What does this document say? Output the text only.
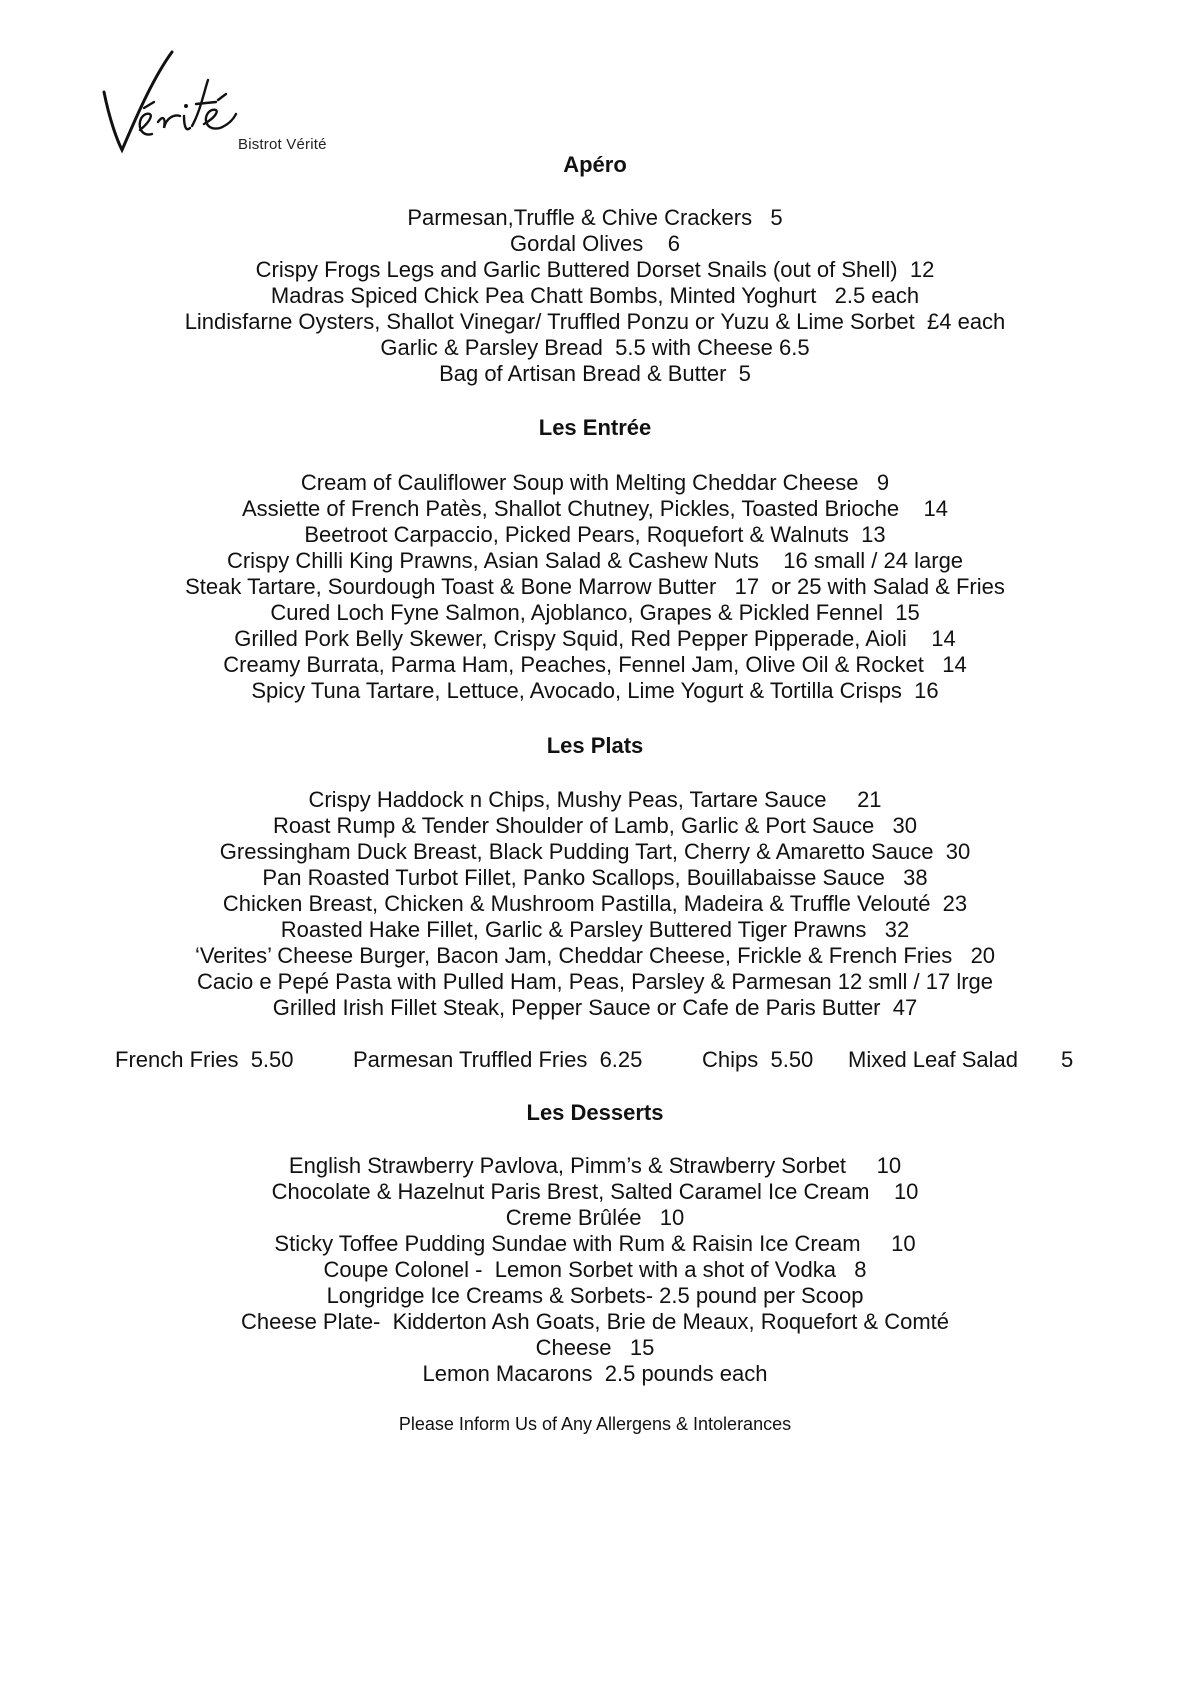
Bistrot Vérité
Apéro
Parmesan,Truffle & Chive Crackers   5
Gordal Olives    6
Crispy Frogs Legs and Garlic Buttered Dorset Snails (out of Shell)  12
Madras Spiced Chick Pea Chatt Bombs, Minted Yoghurt   2.5 each
Lindisfarne Oysters, Shallot Vinegar/ Truffled Ponzu or Yuzu & Lime Sorbet  £4 each
Garlic & Parsley Bread  5.5 with Cheese 6.5
Bag of Artisan Bread & Butter  5
Les Entrée
Cream of Cauliflower Soup with Melting Cheddar Cheese   9
Assiette of French Patès, Shallot Chutney, Pickles, Toasted Brioche    14
Beetroot Carpaccio, Picked Pears, Roquefort & Walnuts  13
Crispy Chilli King Prawns, Asian Salad & Cashew Nuts    16 small / 24 large
Steak Tartare, Sourdough Toast & Bone Marrow Butter   17  or 25 with Salad & Fries
Cured Loch Fyne Salmon, Ajoblanco, Grapes & Pickled Fennel  15
Grilled Pork Belly Skewer, Crispy Squid, Red Pepper Pipperade, Aioli    14
Creamy Burrata, Parma Ham, Peaches, Fennel Jam, Olive Oil & Rocket   14
Spicy Tuna Tartare, Lettuce, Avocado, Lime Yogurt & Tortilla Crisps  16
Les Plats
Crispy Haddock n Chips, Mushy Peas, Tartare Sauce     21
Roast Rump & Tender Shoulder of Lamb, Garlic & Port Sauce   30
Gressingham Duck Breast, Black Pudding Tart, Cherry & Amaretto Sauce  30
Pan Roasted Turbot Fillet, Panko Scallops, Bouillabaisse Sauce   38
Chicken Breast, Chicken & Mushroom Pastilla, Madeira & Truffle Velouté  23
Roasted Hake Fillet, Garlic & Parsley Buttered Tiger Prawns   32
‘Verites’ Cheese Burger, Bacon Jam, Cheddar Cheese, Frickle & French Fries   20
Cacio e Pepé Pasta with Pulled Ham, Peas, Parsley & Parmesan 12 smll / 17 lrge
Grilled Irish Fillet Steak, Pepper Sauce or Cafe de Paris Butter  47
French Fries  5.50	Parmesan Truffled Fries  6.25	Chips  5.50 Mixed Leaf Salad 5
Les Desserts
English Strawberry Pavlova, Pimm’s & Strawberry Sorbet     10
Chocolate & Hazelnut Paris Brest, Salted Caramel Ice Cream    10
Creme Brûlée   10
Sticky Toffee Pudding Sundae with Rum & Raisin Ice Cream     10
Coupe Colonel -  Lemon Sorbet with a shot of Vodka   8
Longridge Ice Creams & Sorbets- 2.5 pound per Scoop
Cheese Plate-  Kidderton Ash Goats, Brie de Meaux, Roquefort & Comté
Cheese   15
Lemon Macarons  2.5 pounds each
Please Inform Us of Any Allergens & Intolerances
